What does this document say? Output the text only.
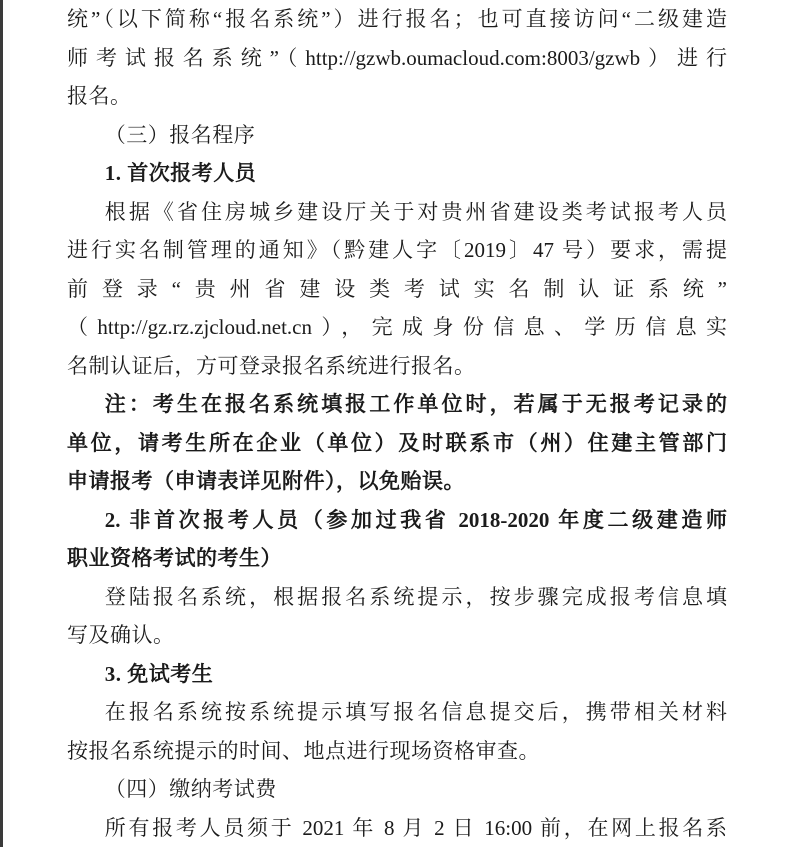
统”（以下简称“报名系统”）进行报名；也可直接访问“二级建造
师考试报名系统”（http://gzwb.oumacloud.com:8003/gzwb）进行
报名。
（三）报名程序
1. 首次报考人员
根据《省住房城乡建设厅关于对贵州省建设类考试报考人员
进行实名制管理的通知》（黔建人字〔2019〕47 号）要求，需提
前登录“贵州省建设类考试实名制认证系统”
（http://gz.rz.zjcloud.net.cn），完成身份信息、学历信息实
名制认证后，方可登录报名系统进行报名。
注：考生在报名系统填报工作单位时，若属于无报考记录的
单位，请考生所在企业（单位）及时联系市（州）住建主管部门
申请报考（申请表详见附件），以免贻误。
2. 非首次报考人员（参加过我省 2018-2020 年度二级建造师
职业资格考试的考生）
登陆报名系统，根据报名系统提示，按步骤完成报考信息填
写及确认。
3. 免试考生
在报名系统按系统提示填写报名信息提交后，携带相关材料
按报名系统提示的时间、地点进行现场资格审查。
（四）缴纳考试费
所有报考人员须于 2021 年 8 月 2 日 16:00 前，在网上报名系
